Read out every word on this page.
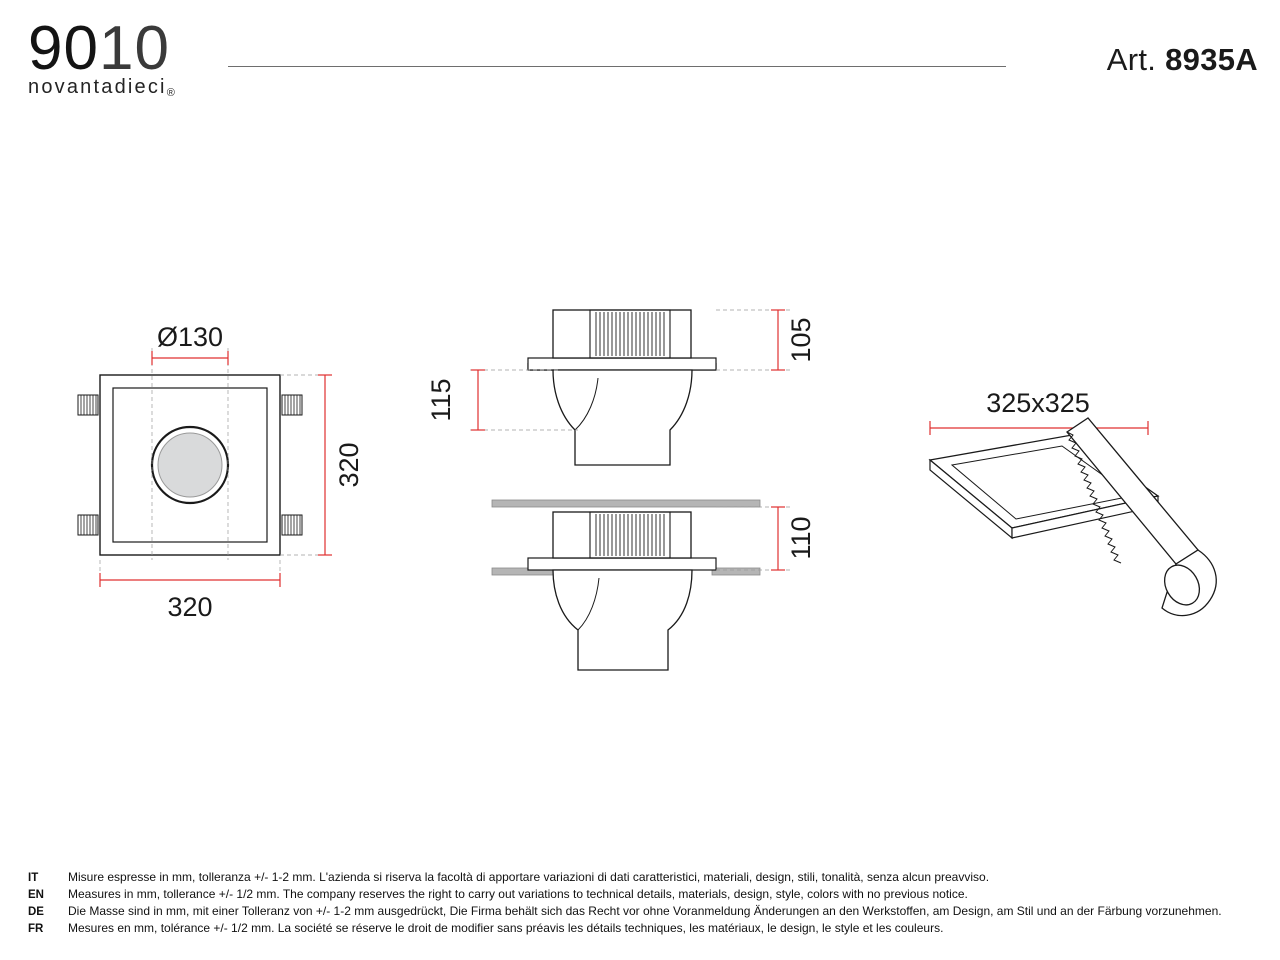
9010
novantadieci®
Art. 8935A
Ø130
320
320
105
115
110
325x325
IT	Misure espresse in mm, tolleranza +/- 1-2 mm. L'azienda si riserva la facoltà di apportare variazioni di dati caratteristici, materiali, design, stili, tonalità, senza alcun preavviso.
EN	Measures in mm, tollerance +/- 1/2 mm. The company reserves the right to carry out variations to technical details, materials, design, style, colors with no previous notice.
DE	Die Masse sind in mm, mit einer Tolleranz von +/- 1-2 mm ausgedrückt, Die Firma behält sich das Recht vor ohne Voranmeldung Änderungen an den Werkstoffen, am Design, am Stil und an der Färbung vorzunehmen.
FR	Mesures en mm, tolérance +/- 1/2 mm. La société se réserve le droit de modifier sans préavis les détails techniques, les matériaux, le design, le style et les couleurs.
